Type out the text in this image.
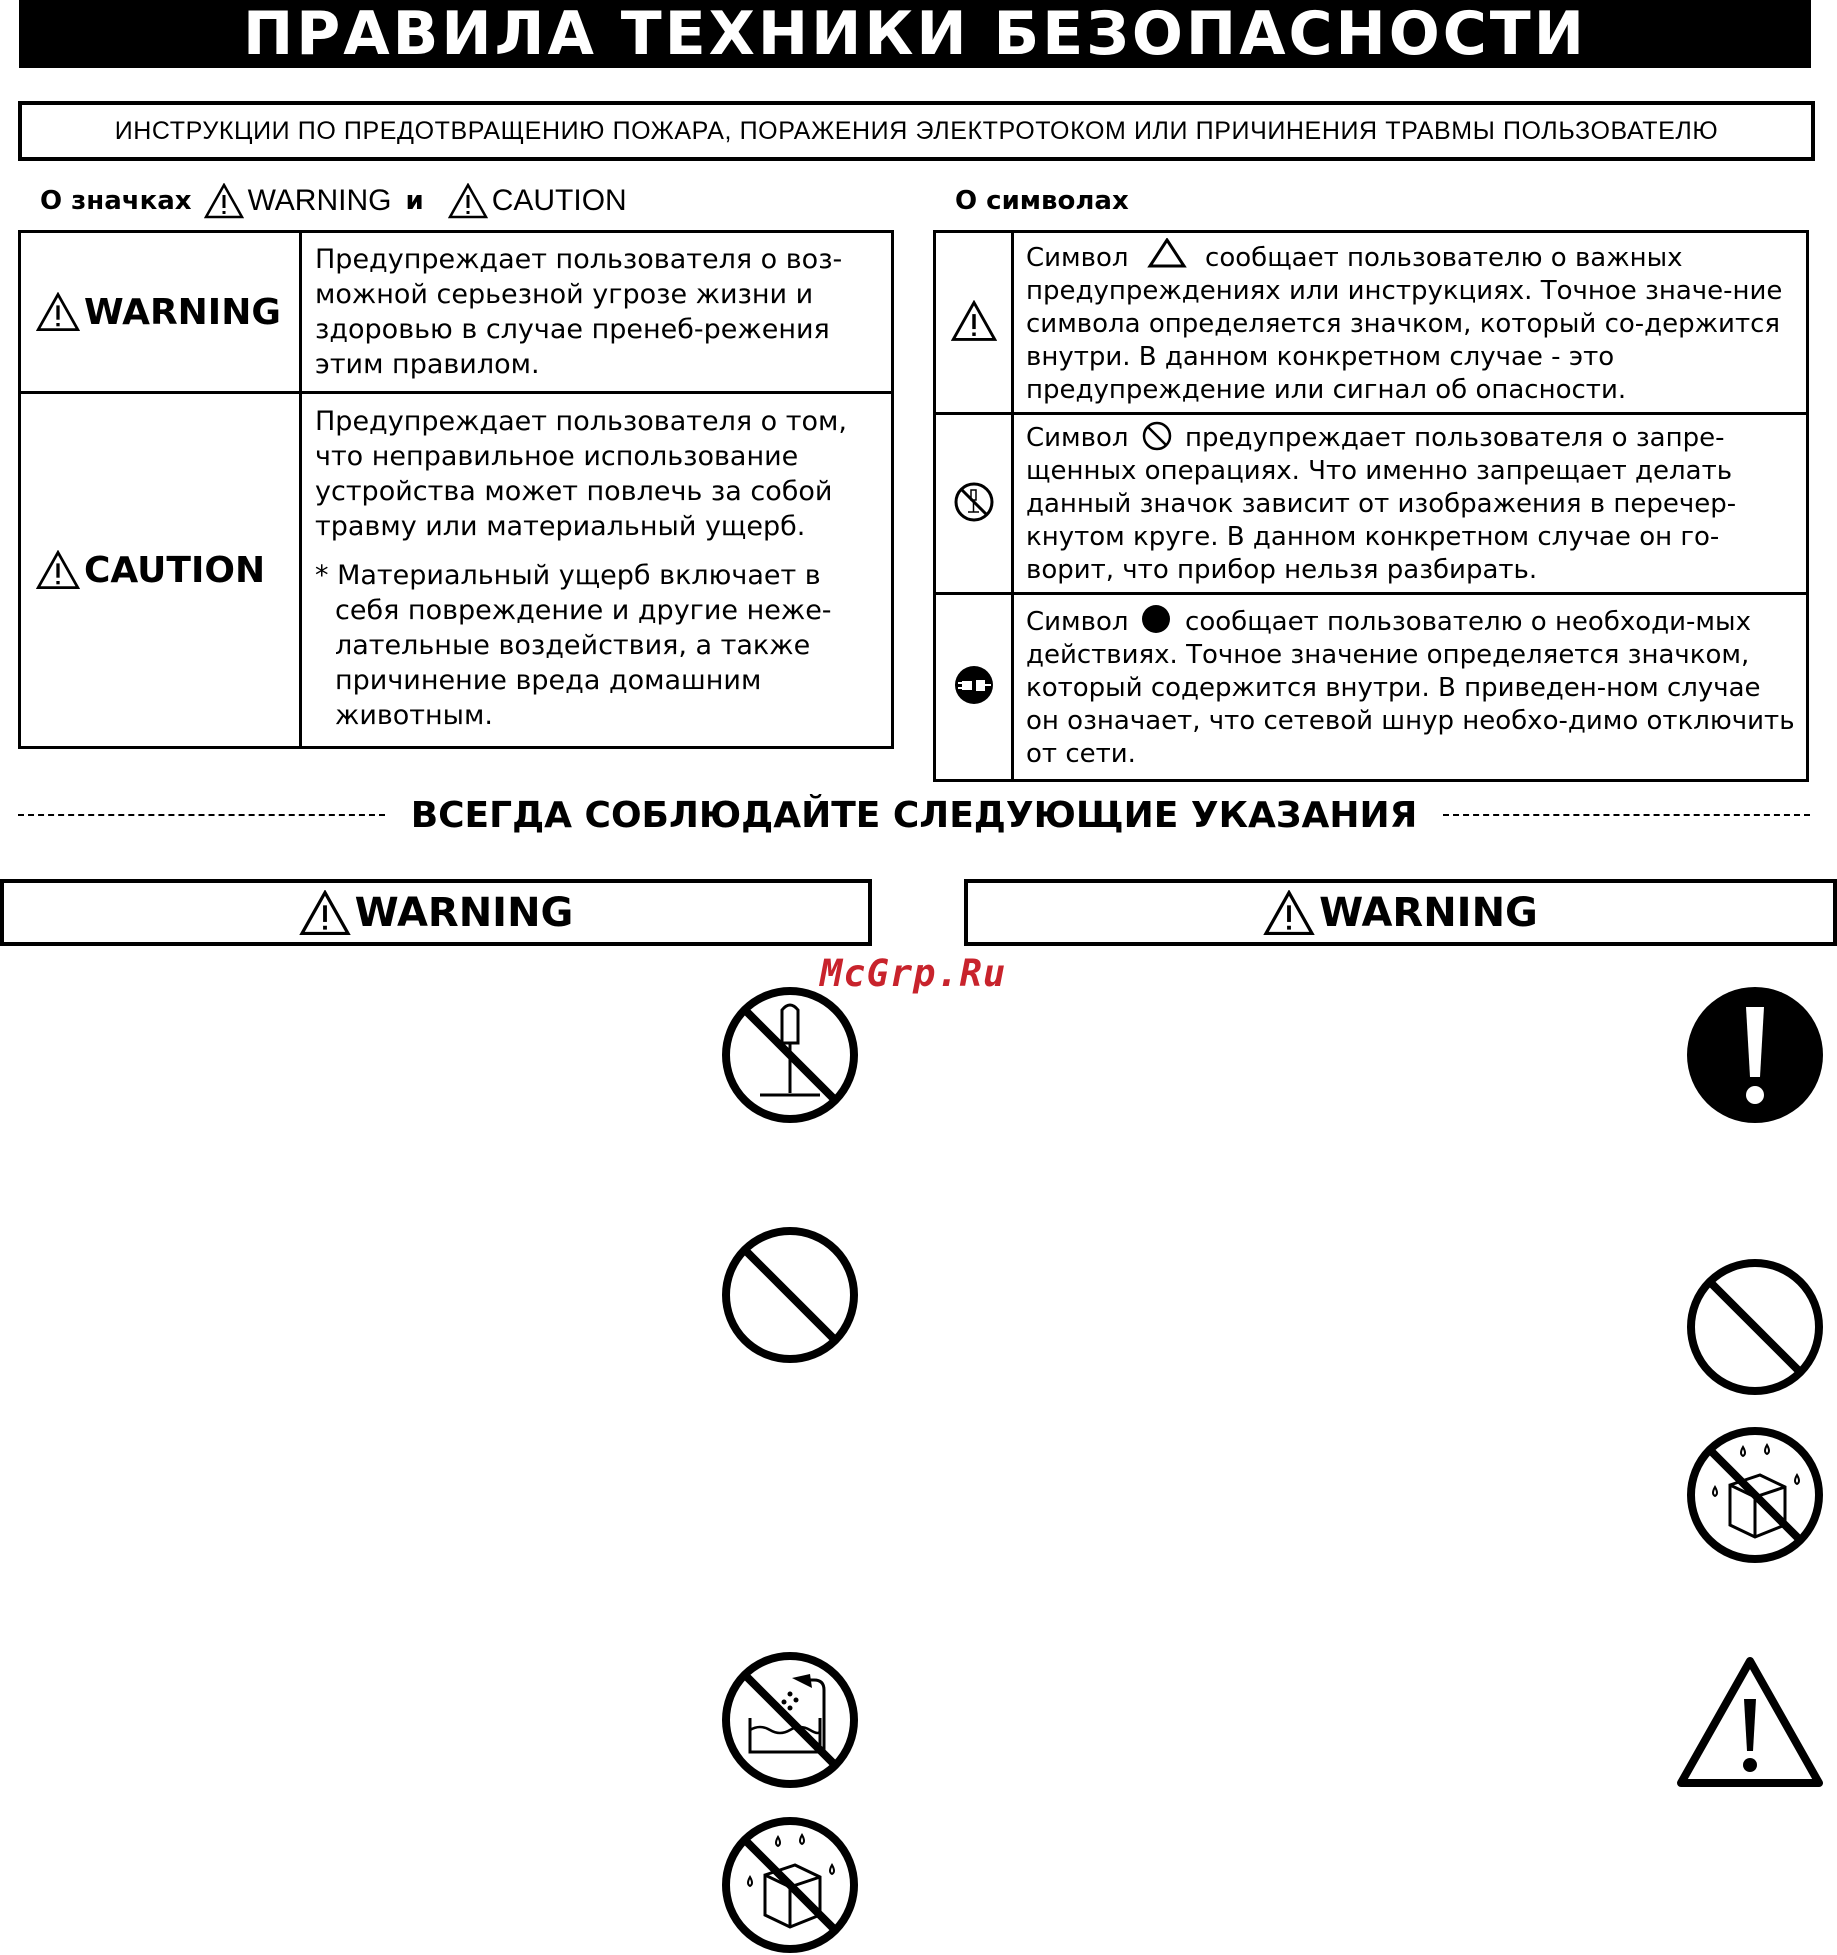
ПРАВИЛА ТЕХНИКИ БЕЗОПАСНОСТИ
ИНСТРУКЦИИ ПО ПРЕДОТВРАЩЕНИЮ ПОЖАРА, ПОРАЖЕНИЯ ЭЛЕКТРОТОКОМ ИЛИ ПРИЧИНЕНИЯ ТРАВМЫ ПОЛЬЗОВАТЕЛЮ
О значках WARNING и CAUTION
WARNING	Предупреждает пользователя о воз-можной серьезной угрозе жизни и здоровью в случае пренеб-режения этим правилом.

CAUTION	Предупреждает пользователя о том, что неправильное использование устройства может повлечь за собой травму или материальный ущерб.
* Материальный ущерб включает в себя повреждение и другие неже-лательные воздействия, а также причинение вреда домашним животным.
О символах
	Символ сообщает пользователю о важных предупреждениях или инструкциях. Точное значе-ние символа определяется значком, который со-держится внутри. В данном конкретном случае - это предупреждение или сигнал об опасности.
	Символ предупреждает пользователя о запре-щенных операциях. Что именно запрещает делать данный значок зависит от изображения в перечер-кнутом круге. В данном конкретном случае он го-ворит, что прибор нельзя разбирать.
	Символ сообщает пользователю о необходи-мых действиях. Точное значение определяется значком, который содержится внутри. В приведен-ном случае он означает, что сетевой шнур необхо-димо отключить от сети.
ВСЕГДА СОБЛЮДАЙТЕ СЛЕДУЮЩИЕ УКАЗАНИЯ
WARNING	WARNING
McGrp.Ru
